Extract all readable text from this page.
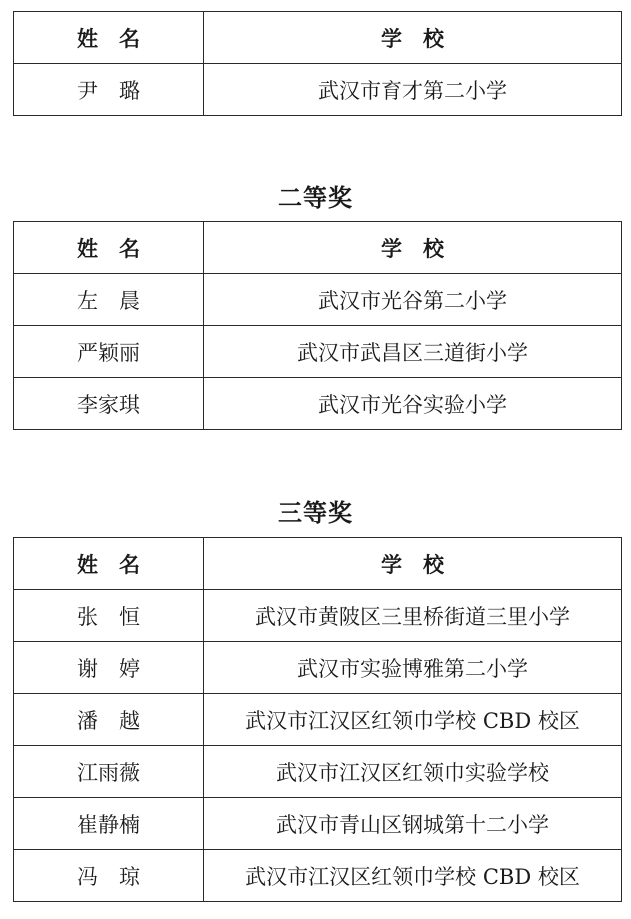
姓　名	学　校
尹　璐	武汉市育才第二小学
二等奖
姓　名	学　校
左　晨	武汉市光谷第二小学
严颖丽	武汉市武昌区三道街小学
李家琪	武汉市光谷实验小学
三等奖
姓　名	学　校
张　恒	武汉市黄陂区三里桥街道三里小学
谢　婷	武汉市实验博雅第二小学
潘　越	武汉市江汉区红领巾学校 CBD 校区
江雨薇	武汉市江汉区红领巾实验学校
崔静楠	武汉市青山区钢城第十二小学
冯　琼	武汉市江汉区红领巾学校 CBD 校区
